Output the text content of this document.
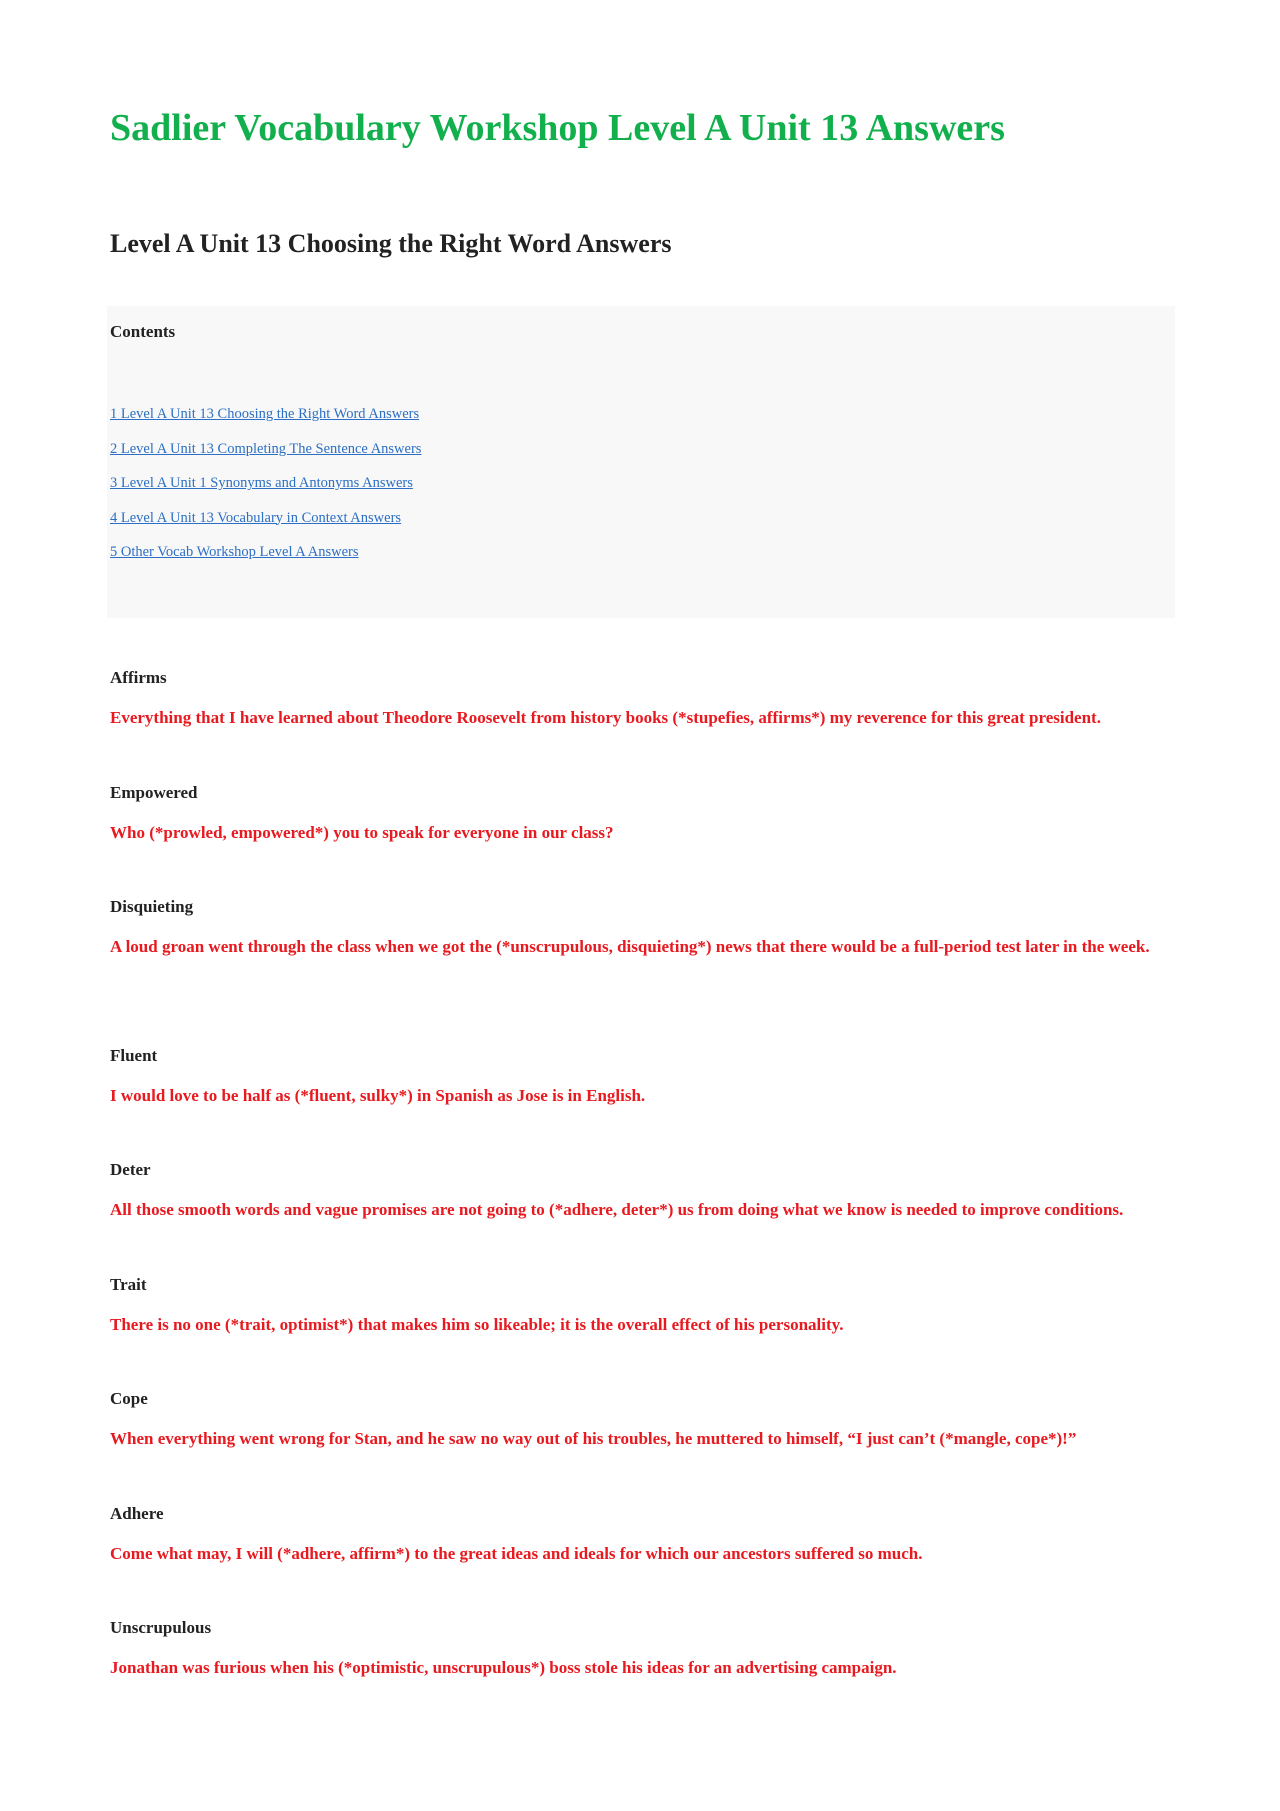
Sadlier Vocabulary Workshop Level A Unit 13 Answers
Level A Unit 13 Choosing the Right Word Answers
Contents
1 Level A Unit 13 Choosing the Right Word Answers
2 Level A Unit 13 Completing The Sentence Answers
3 Level A Unit 1 Synonyms and Antonyms Answers
4 Level A Unit 13 Vocabulary in Context Answers
5 Other Vocab Workshop Level A Answers

Affirms

Everything that I have learned about Theodore Roosevelt from history books (*stupefies, affirms*) my reverence for this great president.

Empowered

Who (*prowled, empowered*) you to speak for everyone in our class?

Disquieting

A loud groan went through the class when we got the (*unscrupulous, disquieting*) news that there would be a full-period test later in the week.

Fluent

I would love to be half as (*fluent, sulky*) in Spanish as Jose is in English.

Deter

All those smooth words and vague promises are not going to (*adhere, deter*) us from doing what we know is needed to improve conditions.

Trait

There is no one (*trait, optimist*) that makes him so likeable; it is the overall effect of his personality.

Cope

When everything went wrong for Stan, and he saw no way out of his troubles, he muttered to himself, “I just can’t (*mangle, cope*)!”

Adhere

Come what may, I will (*adhere, affirm*) to the great ideas and ideals for which our ancestors suffered so much.

Unscrupulous

Jonathan was furious when his (*optimistic, unscrupulous*) boss stole his ideas for an advertising campaign.
